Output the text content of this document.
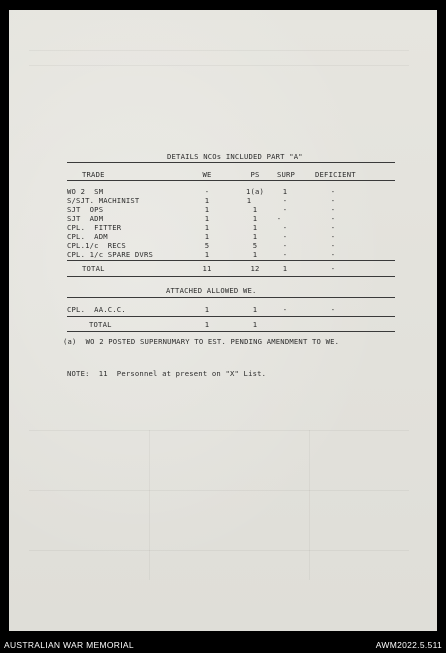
DETAILS NCOs INCLUDED PART "A"
TRADE	WE	PS	SURP	DEFICIENT
WO 2  SM	-	1(a)	1	-
S/SJT. MACHINIST	1	1	-	-
SJT  OPS	1	1	-	-
SJT  ADM	1	1	-	-
CPL.  FITTER	1	1	-	-
CPL.  ADM	1	1	-	-
CPL.1/c  RECS	5	5	-	-
CPL. 1/c SPARE DVRS	1	1	-	-
TOTAL	11	12	1	-
ATTACHED ALLOWED WE.
CPL.  AA.C.C.	1	1	-	-
TOTAL	1	1
(a)  WO 2 POSTED SUPERNUMARY TO EST. PENDING AMENDMENT TO WE.
NOTE:  11  Personnel at present on "X" List.
AUSTRALIAN WAR MEMORIAL	AWM2022.5.511
